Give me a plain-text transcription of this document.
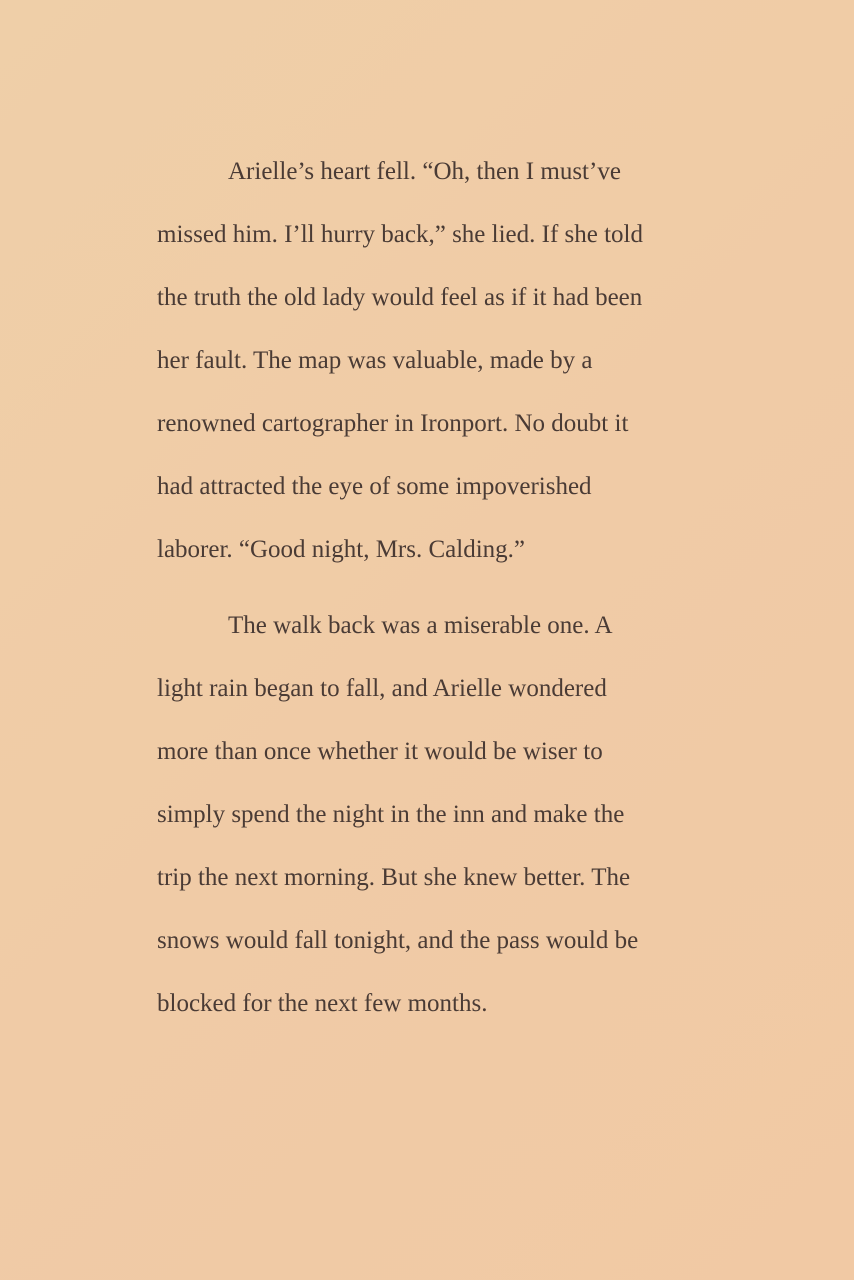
Arielle’s heart fell. “Oh, then I must’ve
missed him. I’ll hurry back,” she lied. If she told
the truth the old lady would feel as if it had been
her fault. The map was valuable, made by a
renowned cartographer in Ironport. No doubt it
had attracted the eye of some impoverished
laborer. “Good night, Mrs. Calding.”

The walk back was a miserable one. A
light rain began to fall, and Arielle wondered
more than once whether it would be wiser to
simply spend the night in the inn and make the
trip the next morning. But she knew better. The
snows would fall tonight, and the pass would be
blocked for the next few months.
